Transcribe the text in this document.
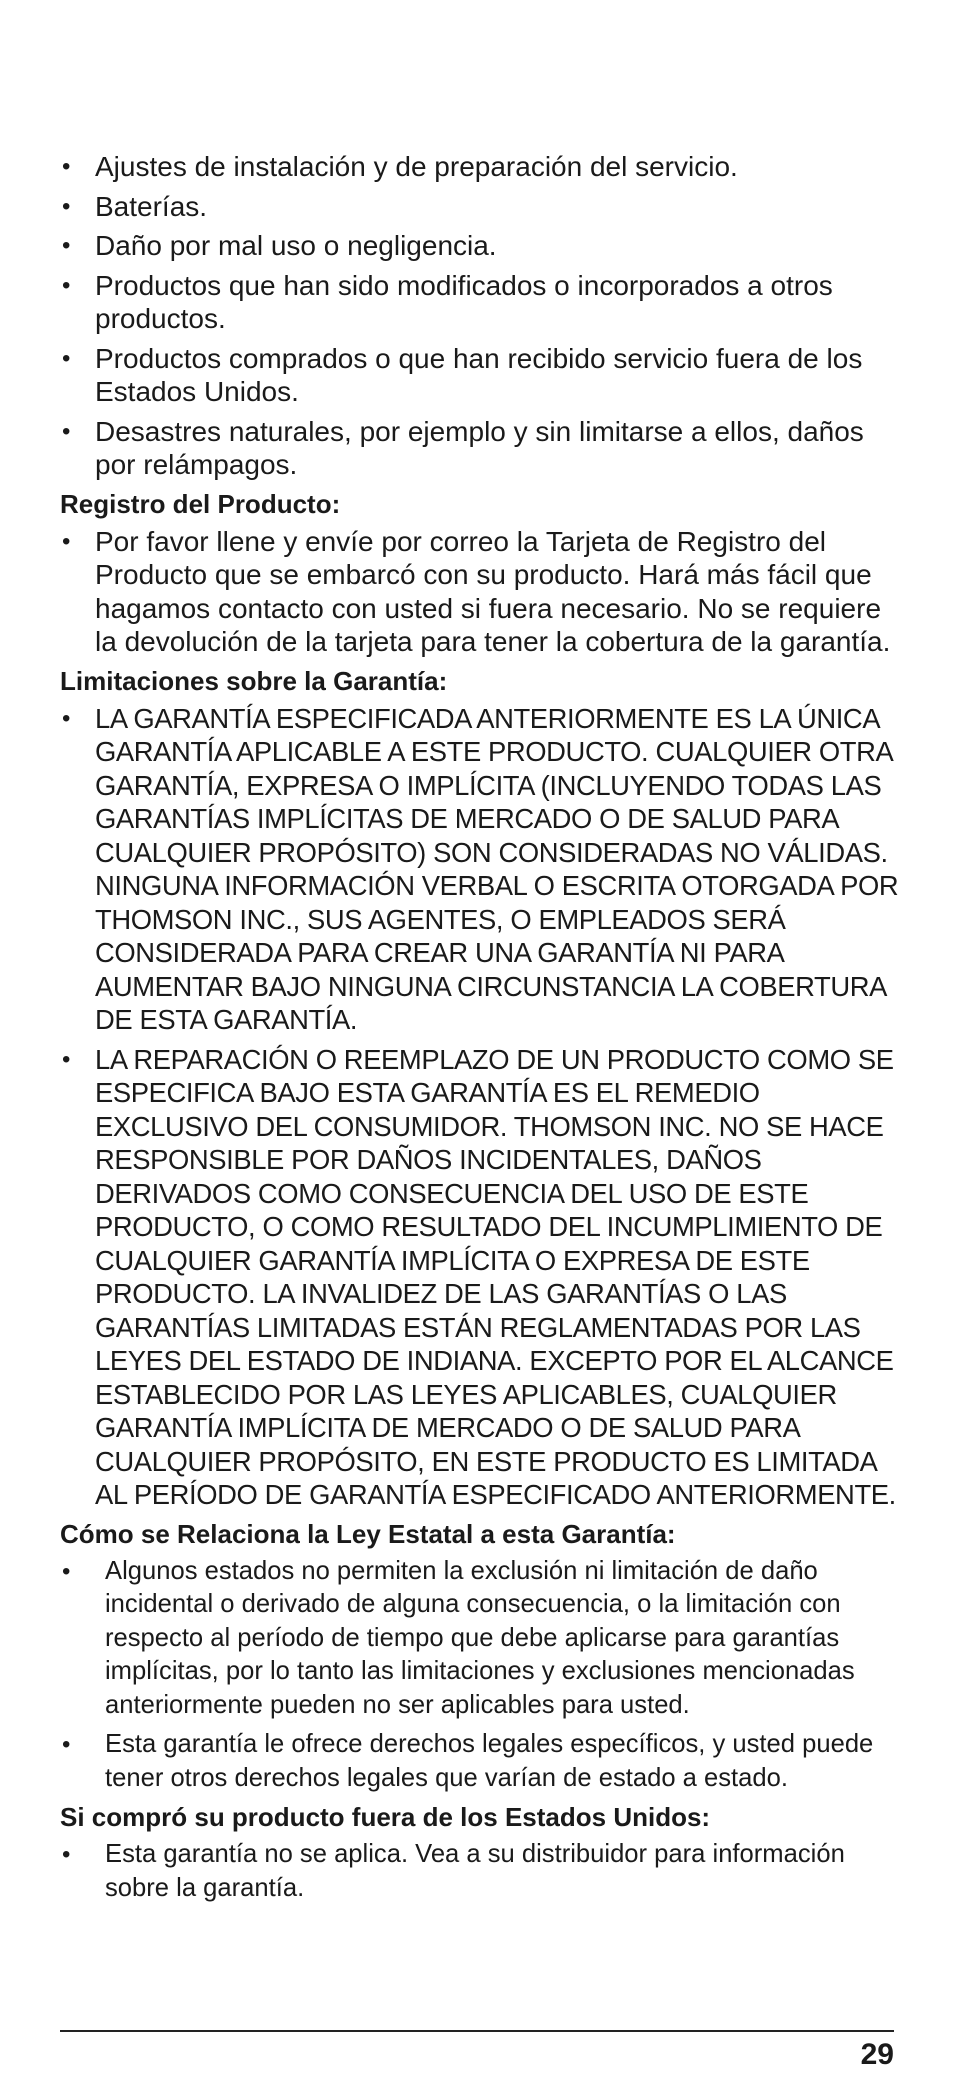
• Ajustes de instalación y de preparación del servicio.
• Baterías.
• Daño por mal uso o negligencia.
• Productos que han sido modificados o incorporados a otros productos.
• Productos comprados o que han recibido servicio fuera de los Estados Unidos.
• Desastres naturales, por ejemplo y sin limitarse a ellos, daños por relámpagos.
Registro del Producto:
• Por favor llene y envíe por correo la Tarjeta de Registro del Producto que se embarcó con su producto. Hará más fácil que hagamos contacto con usted si fuera necesario. No se requiere la devolución de la tarjeta para tener la cobertura de la garantía.
Limitaciones sobre la Garantía:
• LA GARANTÍA ESPECIFICADA ANTERIORMENTE ES LA ÚNICA GARANTÍA APLICABLE A ESTE PRODUCTO. CUALQUIER OTRA GARANTÍA, EXPRESA O IMPLÍCITA (INCLUYENDO TODAS LAS GARANTÍAS IMPLÍCITAS DE MERCADO O DE SALUD PARA CUALQUIER PROPÓSITO) SON CONSIDERADAS NO VÁLIDAS. NINGUNA INFORMACIÓN VERBAL O ESCRITA OTORGADA POR THOMSON INC., SUS AGENTES, O EMPLEADOS SERÁ CONSIDERADA PARA CREAR UNA GARANTÍA NI PARA AUMENTAR BAJO NINGUNA CIRCUNSTANCIA LA COBERTURA DE ESTA GARANTÍA.
• LA REPARACIÓN O REEMPLAZO DE UN PRODUCTO COMO SE ESPECIFICA BAJO ESTA GARANTÍA ES EL REMEDIO EXCLUSIVO DEL CONSUMIDOR. THOMSON INC. NO SE HACE RESPONSIBLE POR DAÑOS INCIDENTALES, DAÑOS DERIVADOS COMO CONSECUENCIA DEL USO DE ESTE PRODUCTO, O COMO RESULTADO DEL INCUMPLIMIENTO DE CUALQUIER GARANTÍA IMPLÍCITA O EXPRESA DE ESTE PRODUCTO. LA INVALIDEZ DE LAS GARANTÍAS O LAS GARANTÍAS LIMITADAS ESTÁN REGLAMENTADAS POR LAS LEYES DEL ESTADO DE INDIANA. EXCEPTO POR EL ALCANCE ESTABLECIDO POR LAS LEYES APLICABLES, CUALQUIER GARANTÍA IMPLÍCITA DE MERCADO O DE SALUD PARA CUALQUIER PROPÓSITO, EN ESTE PRODUCTO ES LIMITADA AL PERÍODO DE GARANTÍA ESPECIFICADO ANTERIORMENTE.
Cómo se Relaciona la Ley Estatal a esta Garantía:
• Algunos estados no permiten la exclusión ni limitación de daño incidental o derivado de alguna consecuencia, o la limitación con respecto al período de tiempo que debe aplicarse para garantías implícitas, por lo tanto las limitaciones y exclusiones mencionadas anteriormente pueden no ser aplicables para usted.
• Esta garantía le ofrece derechos legales específicos, y usted puede tener otros derechos legales que varían de estado a estado.
Si compró su producto fuera de los Estados Unidos:
• Esta garantía no se aplica. Vea a su distribuidor para información sobre la garantía.
29
